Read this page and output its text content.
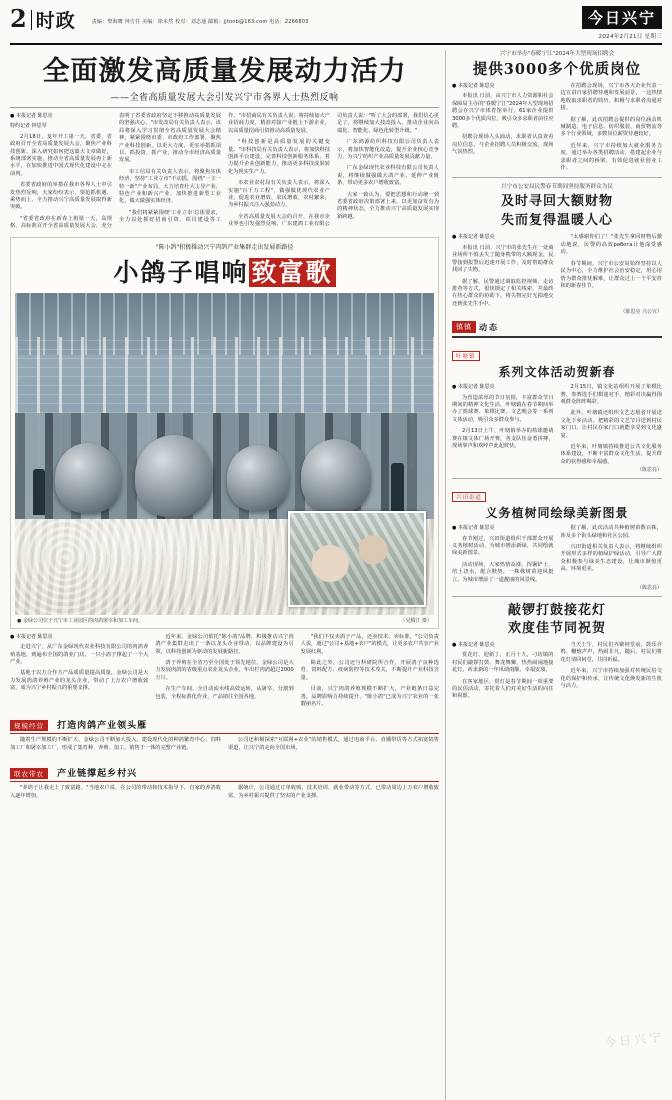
2 时政	责编：黎海鹰 钟吉任 美编：徐未然 校对：刘志通 邮箱：jjtonb@163.com 电话：2266803	今日兴宁
2024年2月21日 星期三
全面激发高质量发展动力活力
——全省高质量发展大会引发兴宁市各界人士热烈反响
● 本报记者 陈思亮
特约记者 钟思琴

2月18日，龙年开工第一天，省委、省政府召开全省高质量发展大会，聚焦产业科技创新，深入研究如何把这篇大文章做好，系统部署实施，推动全省高质量发展再上新水平，在加快推进中国式现代化建设中走在前列。

省委省政府的举措在我市各界人士中引发热烈反响，大家纷纷表示，要抢抓机遇、乘势而上，全力推动兴宁高质量发展取得新突破。

"省委省政府在新春上班第一天，高规格、高标准召开全省高质量发展大会，充分表明了省委省政府坚定不移推动高质量发展的坚强决心。"市发改局有关负责人表示，该局将深入学习贯彻全省高质量发展大会精神，紧紧围绕市委、市政府工作部署，聚焦产业科技创新，以更大力度、更实举措抓项目、抓投资、抓产业，推动全市经济高质量发展。

市工信局有关负责人表示，将聚焦实体经济，坚持"工业立市"不动摇，围绕"一主一特一新"产业布局，大力培育壮大主导产业、特色产业和新兴产业，加快推进新型工业化，做大做强实体经济。

"我们将紧紧围绕'工业立市'总体要求，全力以赴抓好招商引资、项目建设等工作。"市招商局有关负责人说，将持续加大产业招商力度，精准对接产业链上下游企业，以高质量招商引资推动高质量发展。

"科技创新是高质量发展的关键变量。"市科技局有关负责人表示，将加快科技创新平台建设，完善科技创新服务体系，着力提升企业创新能力，推动更多科技成果转化为现实生产力。

市农业农村局有关负责人表示，将深入实施"百千万工程"，做强做优现代农业产业，促进农业增效、农民增收、农村繁荣，为乡村振兴注入强劲动力。

全省高质量发展大会的召开，在我市企业界也引发强烈反响。广东建鸿工业有限公司负责人说："听了大会的部署，我们信心更足了，将继续加大技改投入，推动企业向高端化、智能化、绿色化转型升级。"

广东鸿源纺织科技有限公司负责人表示，将加快智能化改造，提升企业核心竞争力，为兴宁纺织产业高质量发展贡献力量。

广东金绿现代农业科技有限公司负责人说，将继续做强做大鸽产业，延伸产业链条，带动更多农户增收致富。

大家一致认为，要把思想和行动统一到省委省政府决策部署上来，以更加奋发有为的精神状态，全力推动兴宁高质量发展实现新跨越。

"陈小鸽"积极推动兴宁肉鸽产业集群走出发展新路径
小鸽子唱响 致富歌
（吴腾江 摄）
● 金绿公司位于兴宁市工业园区的肉鸽屠宰和加工车间。
● 本报记者 陈思亮

走进兴宁，从广东金绿现代农业科技有限公司的肉鸽养殖基地，到遍布全国的鸽业门店，一只小鸽子撑起了一个大产业。

基地于以方合作方产品质质量提高质量，金绿公司是大力发展肉鸽养殖产业的龙头企业，带动了上万农户增收致富，成为兴宁乡村振兴的重要支撑。

近年来，金绿公司依托"陈小鸽"品牌，积极推动兴宁肉鸽产业集群走出了一条以龙头企业带动、以品牌建设为引领、以科技创新为驱动的发展新路径。

鸽子养殖在全省乃至全国处于领先地位，金绿公司是大力发展肉鸽的省级重点农业龙头企业，年出栏肉鸽超过2000万只。

在生产车间，全自动流水线高效运转，从屠宰、分割到包装，全程标准化作业，产品销往全国各地。

"我们不仅卖鸽子产品，还卖技术、卖标准。"公司负责人说，通过"公司+基地+农户"的模式，让更多农户共享产业发展红利。

除此之外，公司还与科研院所合作，开展鸽子良种选育、饲料配方、疫病防控等技术攻关，不断提升产业科技含量。

目前，兴宁肉鸽养殖规模不断扩大，产业链条日益完善，品牌影响力持续提升，"陈小鸽"已成为兴宁农业的一张靓丽名片。

规模经营 打造肉鸽产业领头雁

随着生产规模的不断扩大，金绿公司不断加大投入，建设现代化的种鸽繁育中心、饲料加工厂和屠宰加工厂，形成了集育种、养殖、加工、销售于一体的完整产业链。

公司还积极探索"互联网+农业"的销售模式，通过电商平台、直播带货等方式拓宽销售渠道，让兴宁鸽走向全国市场。

联农带农 产业链撑起乡村兴

"养鸽子让我走上了致富路。"当地农户说，在公司的带动和技术指导下，自家的养鸽收入逐年增加。

据统计，公司通过订单收购、技术培训、就业带动等方式，已带动周边上万农户增收致富，为乡村振兴提供了坚实的产业支撑。

兴宁市举办"春暖宁江"2024年大型现场招聘会
提供3000多个优质岗位
● 本报记者 陈思亮

本报讯 日前，由兴宁市人力资源和社会保障局主办的"春暖宁江"2024年大型现场招聘会在兴宁市体育馆举行，61家企业提供3000多个优质岗位，吸引众多求职者前往应聘。

招聘会现场人头涌动，求职者认真查看岗位信息，与企业招聘人员积极交流，现场气氛热烈。

在招聘会现场，兴宁市各大企业代表一边宣讲自家招聘待遇和发展前景，一边热情地收取求职者的简历，积极与求职者沟通对接。

据了解，此次招聘会提供的岗位涵盖机械制造、电子信息、纺织服装、商贸物流等多个行业领域，多数岗位薪资待遇较好。

近年来，兴宁市持续加大就业服务力度，通过举办各类招聘活动，搭建起企业与求职者之间的桥梁，有效促进就业创业工作。

兴宁市公安局民警春节期间坚持服务群众为民
及时寻回大额财物
失而复得温暖人心
● 本报记者 陈思亮

本报讯 日前，兴宁市的张先生在一处商业场所不慎丢失了随身携带的大额现金，民警接到报警后迅速开展工作，及时帮助群众找回了失物。

据了解，民警通过调取监控视频、走访排查等方式，很快锁定了相关线索，并最终在热心群众的协助下，将失物完好无损地交还到张先生手中。

"太感谢你们了！"张先生拿回财物后激动地说，民警的高效работа让他深受感动。

春节期间，兴宁市公安局始终坚持以人民为中心，全力维护社会治安稳定，用心用情为群众排忧解难，让群众过上一个平安祥和的新春佳节。

（陈思亮 兴公宣）
镇镇 动态
叶塘镇
系列文体活动贺新春
● 本报记者 陈思亮

为营造浓厚的节日氛围，丰富群众节日期间的精神文化生活，叶塘镇在春节期间举办了篮球赛、象棋比赛、文艺晚会等一系列文体活动，吸引众多群众参与。

2月13日上午，叶塘镇举办的篮球邀请赛在镇文体广场开赛，各支队伍奋勇拼搏，现场掌声和欢呼声此起彼伏。

2月15日，镇文化站组织开展了象棋比赛，参赛选手们棋逢对手，精彩对决赢得围观群众阵阵喝彩。

此外，叶塘镇还组织文艺志愿者开展送文化下乡活动，把精彩的文艺节目送到村民家门口，让村民在家门口就能享受到文化盛宴。

近年来，叶塘镇持续推进公共文化服务体系建设，不断丰富群众文化生活，提升群众的获得感和幸福感。

（陈思亮）
兴田街道
义务植树同绘绿美新图景
● 本报记者 陈思亮

春节刚过，兴田街道组织干部群众开展义务植树活动，为城市增添新绿，共同绘就绿美新图景。

活动现场，大家热情高涨，挥锹铲土、培土浇水，配合默契，一株株树苗迎风挺立，为城市增添了一道靓丽的风景线。

据了解，此次活动共种植树苗数百株，涉及多个街头绿地和社区公园。

兴田街道相关负责人表示，将继续组织开展形式多样的植绿护绿活动，引导广大群众积极参与绿美生态建设，让城市颜值更高、环境更美。

（陈思亮）
敲锣打鼓接花灯
欢度佳节同祝贺
● 本报记者 陈思亮

赏花灯、迎新丁，正月十九，刁坊镇的村民们敲锣打鼓、舞龙舞狮，热热闹闹地接花灯，祈求新的一年风调雨顺、幸福安康。

在客家地区，赏灯是春节期间一项重要的民俗活动，寄托着人们对美好生活的向往和祝愿。

当天上午，村民们齐聚祠堂前，鼓乐齐鸣、鞭炮声声，热闹非凡。随后，村民们将花灯请回祠堂，共同祈福。

近年来，兴宁市持续加强对传统民俗文化的保护和传承，让传统文化焕发新的生机与活力。

今日兴宁
